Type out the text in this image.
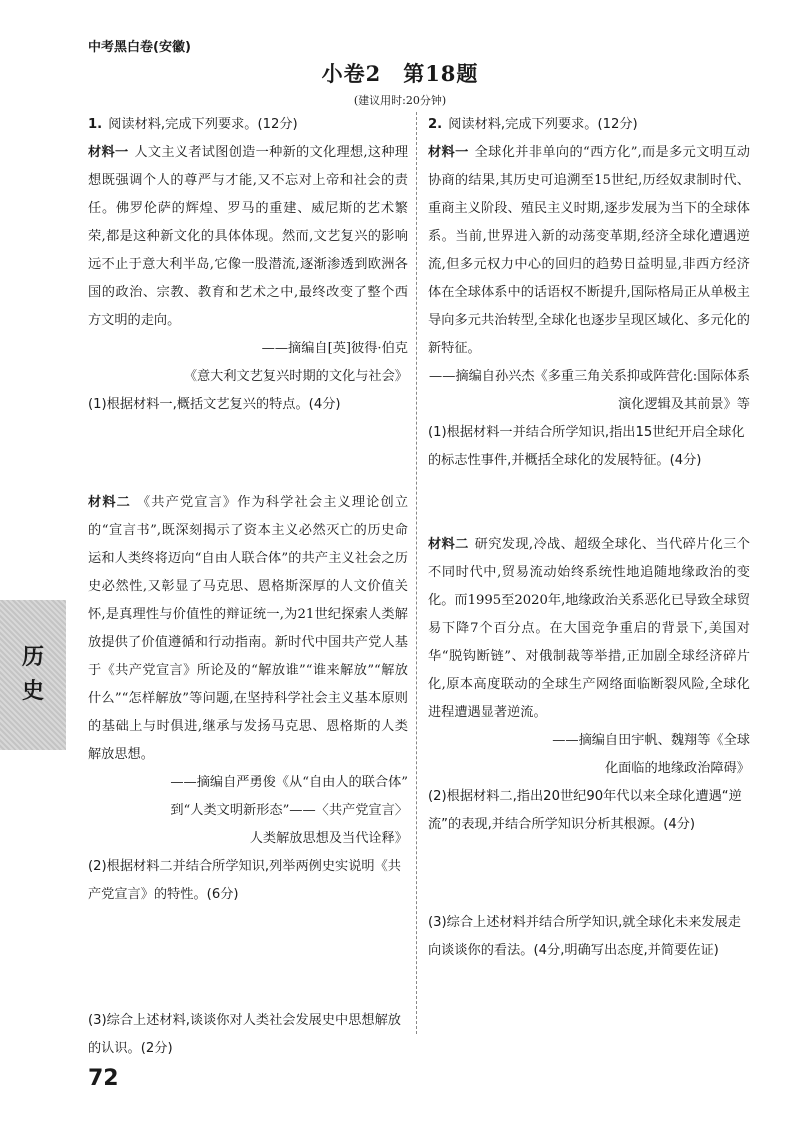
中考黑白卷(安徽)
小卷2　第18题
(建议用时:20分钟)

1. 阅读材料,完成下列要求。(12分)

材料一 人文主义者试图创造一种新的文化理想,这种理想既强调个人的尊严与才能,又不忘对上帝和社会的责任。佛罗伦萨的辉煌、罗马的重建、威尼斯的艺术繁荣,都是这种新文化的具体体现。然而,文艺复兴的影响远不止于意大利半岛,它像一股潜流,逐渐渗透到欧洲各国的政治、宗教、教育和艺术之中,最终改变了整个西方文明的走向。

——摘编自[英]彼得·伯克

《意大利文艺复兴时期的文化与社会》

(1)根据材料一,概括文艺复兴的特点。(4分)

材料二 《共产党宣言》作为科学社会主义理论创立的“宣言书”,既深刻揭示了资本主义必然灭亡的历史命运和人类终将迈向“自由人联合体”的共产主义社会之历史必然性,又彰显了马克思、恩格斯深厚的人文价值关怀,是真理性与价值性的辩证统一,为21世纪探索人类解放提供了价值遵循和行动指南。新时代中国共产党人基于《共产党宣言》所论及的“解放谁”“谁来解放”“解放什么”“怎样解放”等问题,在坚持科学社会主义基本原则的基础上与时俱进,继承与发扬马克思、恩格斯的人类解放思想。

——摘编自严勇俊《从“自由人的联合体”

到“人类文明新形态”——〈共产党宣言〉

人类解放思想及当代诠释》

(2)根据材料二并结合所学知识,列举两例史实说明《共产党宣言》的特性。(6分)

(3)综合上述材料,谈谈你对人类社会发展史中思想解放的认识。(2分)

2. 阅读材料,完成下列要求。(12分)

材料一 全球化并非单向的“西方化”,而是多元文明互动协商的结果,其历史可追溯至15世纪,历经奴隶制时代、重商主义阶段、殖民主义时期,逐步发展为当下的全球体系。当前,世界进入新的动荡变革期,经济全球化遭遇逆流,但多元权力中心的回归的趋势日益明显,非西方经济体在全球体系中的话语权不断提升,国际格局正从单极主导向多元共治转型,全球化也逐步呈现区域化、多元化的新特征。

——摘编自孙兴杰《多重三角关系抑或阵营化:国际体系演化逻辑及其前景》等

(1)根据材料一并结合所学知识,指出15世纪开启全球化的标志性事件,并概括全球化的发展特征。(4分)

材料二 研究发现,冷战、超级全球化、当代碎片化三个不同时代中,贸易流动始终系统性地追随地缘政治的变化。而1995至2020年,地缘政治关系恶化已导致全球贸易下降7个百分点。在大国竞争重启的背景下,美国对华“脱钩断链”、对俄制裁等举措,正加剧全球经济碎片化,原本高度联动的全球生产网络面临断裂风险,全球化进程遭遇显著逆流。

——摘编自田宇帆、魏翔等《全球

化面临的地缘政治障碍》

(2)根据材料二,指出20世纪90年代以来全球化遭遇“逆流”的表现,并结合所学知识分析其根源。(4分)

(3)综合上述材料并结合所学知识,就全球化未来发展走向谈谈你的看法。(4分,明确写出态度,并简要佐证)

历
史
72
